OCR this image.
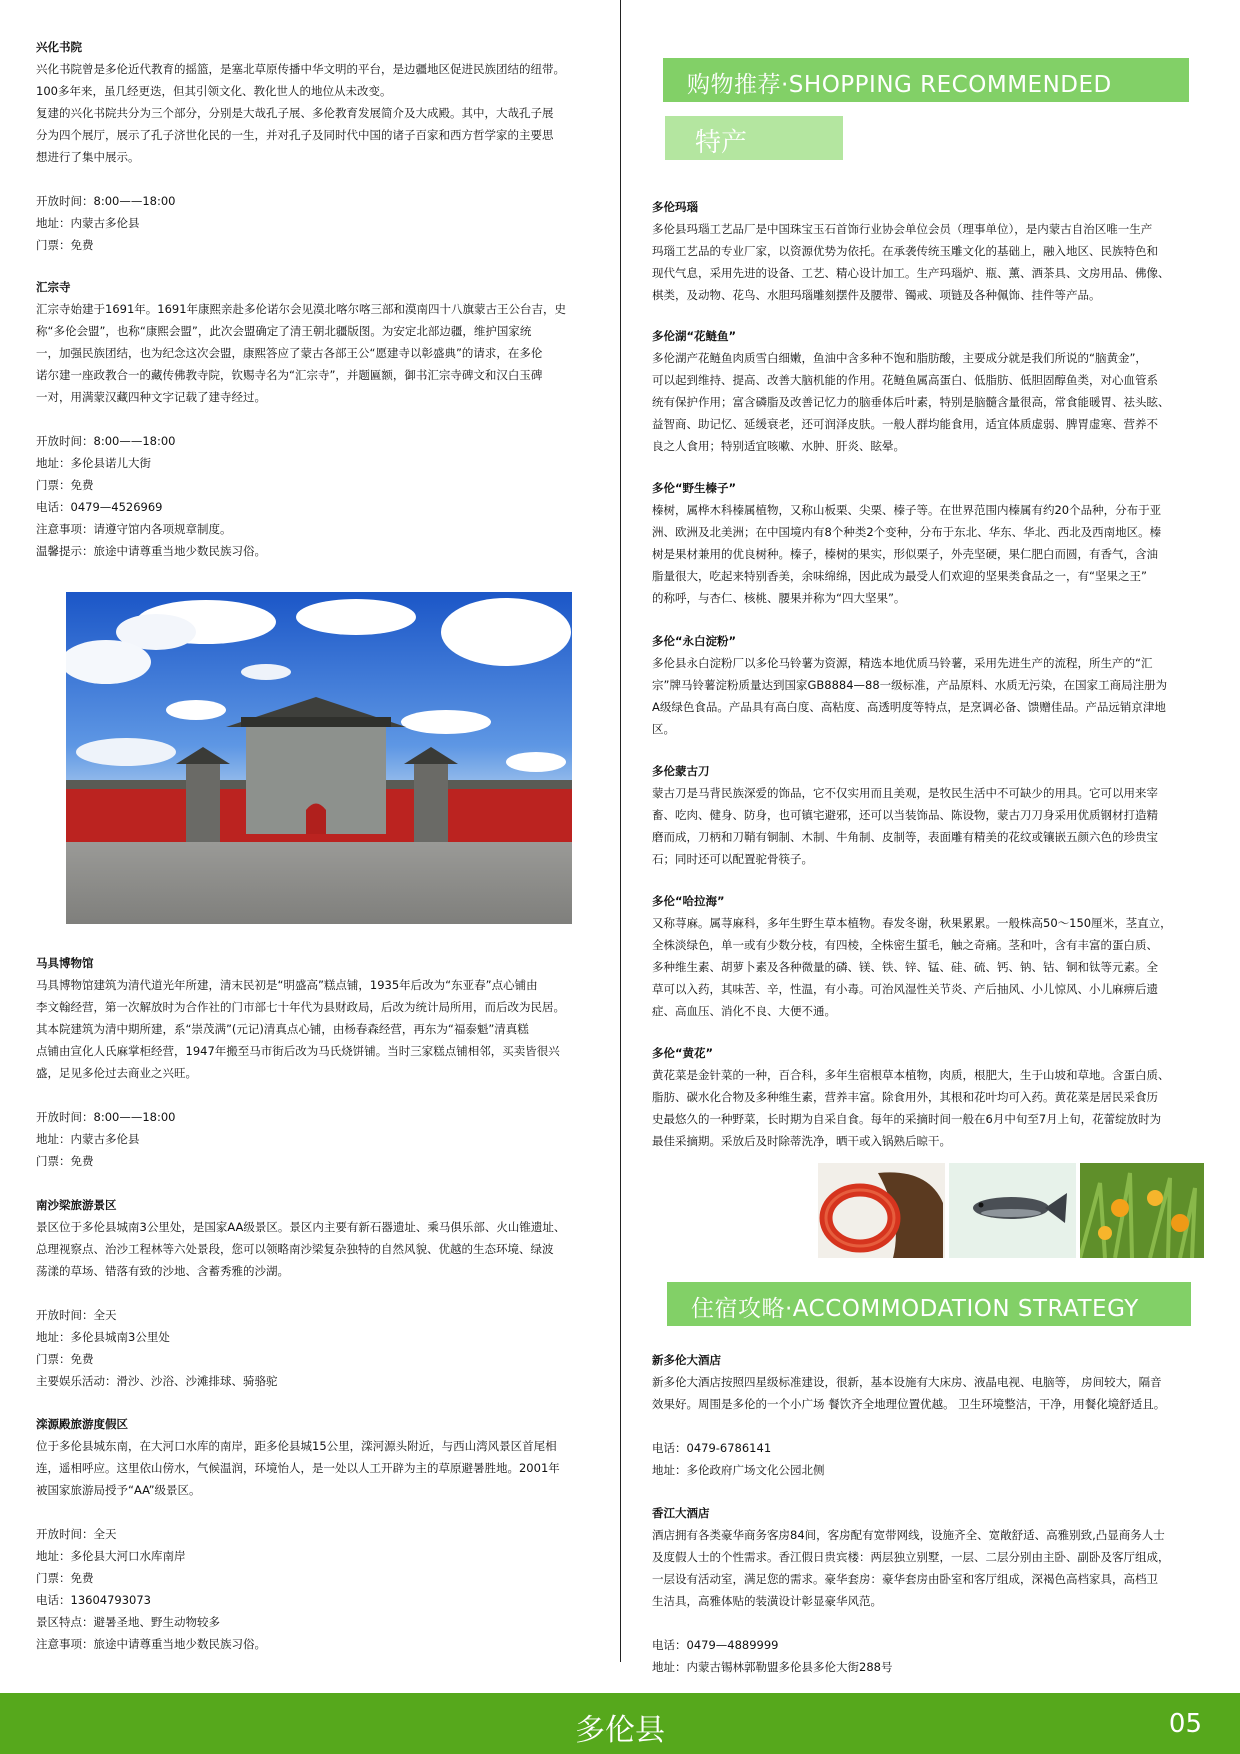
兴化书院

兴化书院曾是多伦近代教育的摇篮，是塞北草原传播中华文明的平台，是边疆地区促进民族团结的纽带。

100多年来，虽几经更迭，但其引领文化、教化世人的地位从未改变。

复建的兴化书院共分为三个部分，分别是大哉孔子展、多伦教育发展简介及大成殿。其中，大哉孔子展

分为四个展厅，展示了孔子济世化民的一生，并对孔子及同时代中国的诸子百家和西方哲学家的主要思

想进行了集中展示。

开放时间：8:00——18:00

地址：内蒙古多伦县

门票：免费

汇宗寺

汇宗寺始建于1691年。1691年康熙亲赴多伦诺尔会见漠北喀尔喀三部和漠南四十八旗蒙古王公台吉，史

称“多伦会盟”，也称“康熙会盟”，此次会盟确定了清王朝北疆版图。为安定北部边疆，维护国家统

一，加强民族团结，也为纪念这次会盟，康熙答应了蒙古各部王公“愿建寺以彰盛典”的请求，在多伦

诺尔建一座政教合一的藏传佛教寺院，钦赐寺名为“汇宗寺”，并题匾额，御书汇宗寺碑文和汉白玉碑

一对，用满蒙汉藏四种文字记载了建寺经过。

开放时间：8:00——18:00

地址：多伦县诺儿大街

门票：免费

电话：0479—4526969

注意事项：请遵守馆内各项规章制度。

温馨提示：旅途中请尊重当地少数民族习俗。

马具博物馆

马具博物馆建筑为清代道光年所建，清末民初是“明盛高”糕点铺，1935年后改为“东亚春”点心铺由

李文翰经营，第一次解放时为合作社的门市部七十年代为县财政局，后改为统计局所用，而后改为民居。

其本院建筑为清中期所建，系“崇茂满”(元记)清真点心铺，由杨春森经营，再东为“福泰魁”清真糕

点铺由宣化人氏麻掌柜经营，1947年搬至马市街后改为马氏烧饼铺。当时三家糕点铺相邻，买卖皆很兴

盛，足见多伦过去商业之兴旺。

开放时间：8:00——18:00

地址：内蒙古多伦县

门票：免费

南沙梁旅游景区

景区位于多伦县城南3公里处，是国家AA级景区。景区内主要有新石器遗址、乘马俱乐部、火山锥遗址、

总理视察点、治沙工程林等六处景段，您可以领略南沙梁复杂独特的自然风貌、优越的生态环境、绿波

荡漾的草场、错落有致的沙地、含蓄秀雅的沙湖。

开放时间：全天

地址：多伦县城南3公里处

门票：免费

主要娱乐活动：滑沙、沙浴、沙滩排球、骑骆驼

滦源殿旅游度假区

位于多伦县城东南，在大河口水库的南岸，距多伦县城15公里，滦河源头附近，与西山湾风景区首尾相

连，遥相呼应。这里依山傍水，气候温润，环境怡人，是一处以人工开辟为主的草原避暑胜地。2001年

被国家旅游局授予“AA”级景区。

开放时间：全天

地址：多伦县大河口水库南岸

门票：免费

电话：13604793073

景区特点：避暑圣地、野生动物较多

注意事项：旅途中请尊重当地少数民族习俗。

购物推荐·SHOPPING RECOMMENDED
特产

多伦玛瑙

多伦县玛瑙工艺品厂是中国珠宝玉石首饰行业协会单位会员（理事单位），是内蒙古自治区唯一生产

玛瑙工艺品的专业厂家，以资源优势为依托。在承袭传统玉雕文化的基础上，融入地区、民族特色和

现代气息，采用先进的设备、工艺、精心设计加工。生产玛瑙炉、瓶、薰、酒茶具、文房用品、佛像、

棋类，及动物、花鸟、水胆玛瑙雕刻摆件及腰带、镯戒、项链及各种佩饰、挂件等产品。

多伦湖“花鲢鱼”

多伦湖产花鲢鱼肉质雪白细嫩，鱼油中含多种不饱和脂肪酸，主要成分就是我们所说的“脑黄金”，

可以起到维持、提高、改善大脑机能的作用。花鲢鱼属高蛋白、低脂肪、低胆固醇鱼类，对心血管系

统有保护作用；富含磷脂及改善记忆力的脑垂体后叶素，特别是脑髓含量很高，常食能暖胃、祛头眩、

益智商、助记忆、延缓衰老，还可润泽皮肤。一般人群均能食用，适宜体质虚弱、脾胃虚寒、营养不

良之人食用；特别适宜咳嗽、水肿、肝炎、眩晕。

多伦“野生榛子”

榛树，属桦木科榛属植物，又称山板栗、尖栗、榛子等。在世界范围内榛属有约20个品种，分布于亚

洲、欧洲及北美洲；在中国境内有8个种类2个变种，分布于东北、华东、华北、西北及西南地区。榛

树是果材兼用的优良树种。榛子，榛树的果实，形似栗子，外壳坚硬，果仁肥白而圆，有香气，含油

脂量很大，吃起来特别香美，余味绵绵，因此成为最受人们欢迎的坚果类食品之一，有“坚果之王”

的称呼，与杏仁、核桃、腰果并称为“四大坚果”。

多伦“永白淀粉”

多伦县永白淀粉厂以多伦马铃薯为资源，精选本地优质马铃薯，采用先进生产的流程，所生产的“汇

宗”牌马铃薯淀粉质量达到国家GB8884—88一级标准，产品原料、水质无污染，在国家工商局注册为

A级绿色食品。产品具有高白度、高粘度、高透明度等特点，是烹调必备、馈赠佳品。产品远销京津地

区。

多伦蒙古刀

蒙古刀是马背民族深爱的饰品，它不仅实用而且美观，是牧民生活中不可缺少的用具。它可以用来宰

畜、吃肉、健身、防身，也可镇宅避邪，还可以当装饰品、陈设物，蒙古刀刀身采用优质钢材打造精

磨而成，刀柄和刀鞘有铜制、木制、牛角制、皮制等，表面雕有精美的花纹或镶嵌五颜六色的珍贵宝

石；同时还可以配置驼骨筷子。

多伦“哈拉海”

又称荨麻。属荨麻科，多年生野生草本植物。春发冬谢，秋果累累。一般株高50～150厘米，茎直立，

全株淡绿色，单一或有少数分枝，有四棱，全株密生蜇毛，触之奇痛。茎和叶，含有丰富的蛋白质、

多种维生素、胡萝卜素及各种微量的磷、镁、铁、锌、锰、硅、硫、钙、钠、钴、铜和钛等元素。全

草可以入药，其味苦、辛，性温，有小毒。可治风湿性关节炎、产后抽风、小儿惊风、小儿麻痹后遗

症、高血压、消化不良、大便不通。

多伦“黄花”

黄花菜是金针菜的一种，百合科，多年生宿根草本植物，肉质，根肥大，生于山坡和草地。含蛋白质、

脂肪、碳水化合物及多种维生素，营养丰富。除食用外，其根和花叶均可入药。黄花菜是居民采食历

史最悠久的一种野菜，长时期为自采自食。每年的采摘时间一般在6月中旬至7月上旬，花蕾绽放时为

最佳采摘期。采放后及时除蒂洗净，晒干或入锅熟后晾干。

住宿攻略·ACCOMMODATION STRATEGY

新多伦大酒店

新多伦大酒店按照四星级标准建设，很新，基本设施有大床房、液晶电视、电脑等， 房间较大，隔音

效果好。周围是多伦的一个小广场 餐饮齐全地理位置优越。 卫生环境整洁，干净，用餐化境舒适且。

电话：0479-6786141

地址：多伦政府广场文化公园北侧

香江大酒店

酒店拥有各类豪华商务客房84间，客房配有宽带网线，设施齐全、宽敞舒适、高雅别致,凸显商务人士

及度假人士的个性需求。香江假日贵宾楼：两层独立别墅，一层、二层分别由主卧、副卧及客厅组成，

一层设有活动室，满足您的需求。豪华套房：豪华套房由卧室和客厅组成，深褐色高档家具，高档卫

生洁具，高雅体贴的装潢设计彰显豪华风范。

电话：0479—4889999

地址：内蒙古锡林郭勒盟多伦县多伦大街288号

多伦县	05
